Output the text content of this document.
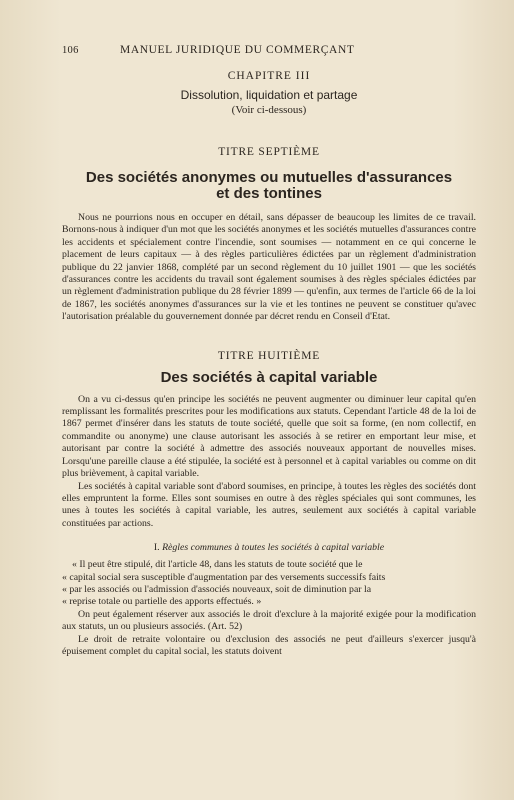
106	MANUEL JURIDIQUE DU COMMERÇANT
CHAPITRE III
Dissolution, liquidation et partage
(Voir ci-dessous)
TITRE SEPTIÈME
Des sociétés anonymes ou mutuelles d'assurances
et des tontines

Nous ne pourrions nous en occuper en détail, sans dépasser de beaucoup les limites de ce travail. Bornons-nous à indiquer d'un mot que les sociétés anonymes et les sociétés mutuelles d'assurances contre les accidents et spécialement contre l'incendie, sont soumises — notamment en ce qui concerne le placement de leurs capitaux — à des règles particulières édictées par un règlement d'administration publique du 22 janvier 1868, complété par un second règlement du 10 juillet 1901 — que les sociétés d'assurances contre les accidents du travail sont également soumises à des règles spéciales édictées par un règlement d'administration publique du 28 février 1899 — qu'enfin, aux termes de l'article 66 de la loi de 1867, les sociétés anonymes d'assurances sur la vie et les tontines ne peuvent se constituer qu'avec l'autorisation préalable du gouvernement donnée par décret rendu en Conseil d'Etat.

TITRE HUITIÈME
Des sociétés à capital variable

On a vu ci-dessus qu'en principe les sociétés ne peuvent augmenter ou diminuer leur capital qu'en remplissant les formalités prescrites pour les modifications aux statuts. Cependant l'article 48 de la loi de 1867 permet d'insérer dans les statuts de toute société, quelle que soit sa forme, (en nom collectif, en commandite ou anonyme) une clause autorisant les associés à se retirer en emportant leur mise, et autorisant par contre la société à admettre des associés nouveaux apportant de nouvelles mises. Lorsqu'une pareille clause a été stipulée, la société est à personnel et à capital variables ou comme on dit plus brièvement, à capital variable.

Les sociétés à capital variable sont d'abord soumises, en principe, à toutes les règles des sociétés dont elles empruntent la forme. Elles sont soumises en outre à des règles spéciales qui sont communes, les unes à toutes les sociétés à capital variable, les autres, seulement aux sociétés à capital variable constituées par actions.

I. Règles communes à toutes les sociétés à capital variable

« Il peut être stipulé, dit l'article 48, dans les statuts de toute société que le

« capital social sera susceptible d'augmentation par des versements successifs faits

« par les associés ou l'admission d'associés nouveaux, soit de diminution par la

« reprise totale ou partielle des apports effectués. »

On peut également réserver aux associés le droit d'exclure à la majorité exigée pour la modification aux statuts, un ou plusieurs associés. (Art. 52)

Le droit de retraite volontaire ou d'exclusion des associés ne peut d'ailleurs s'exercer jusqu'à épuisement complet du capital social, les statuts doivent
